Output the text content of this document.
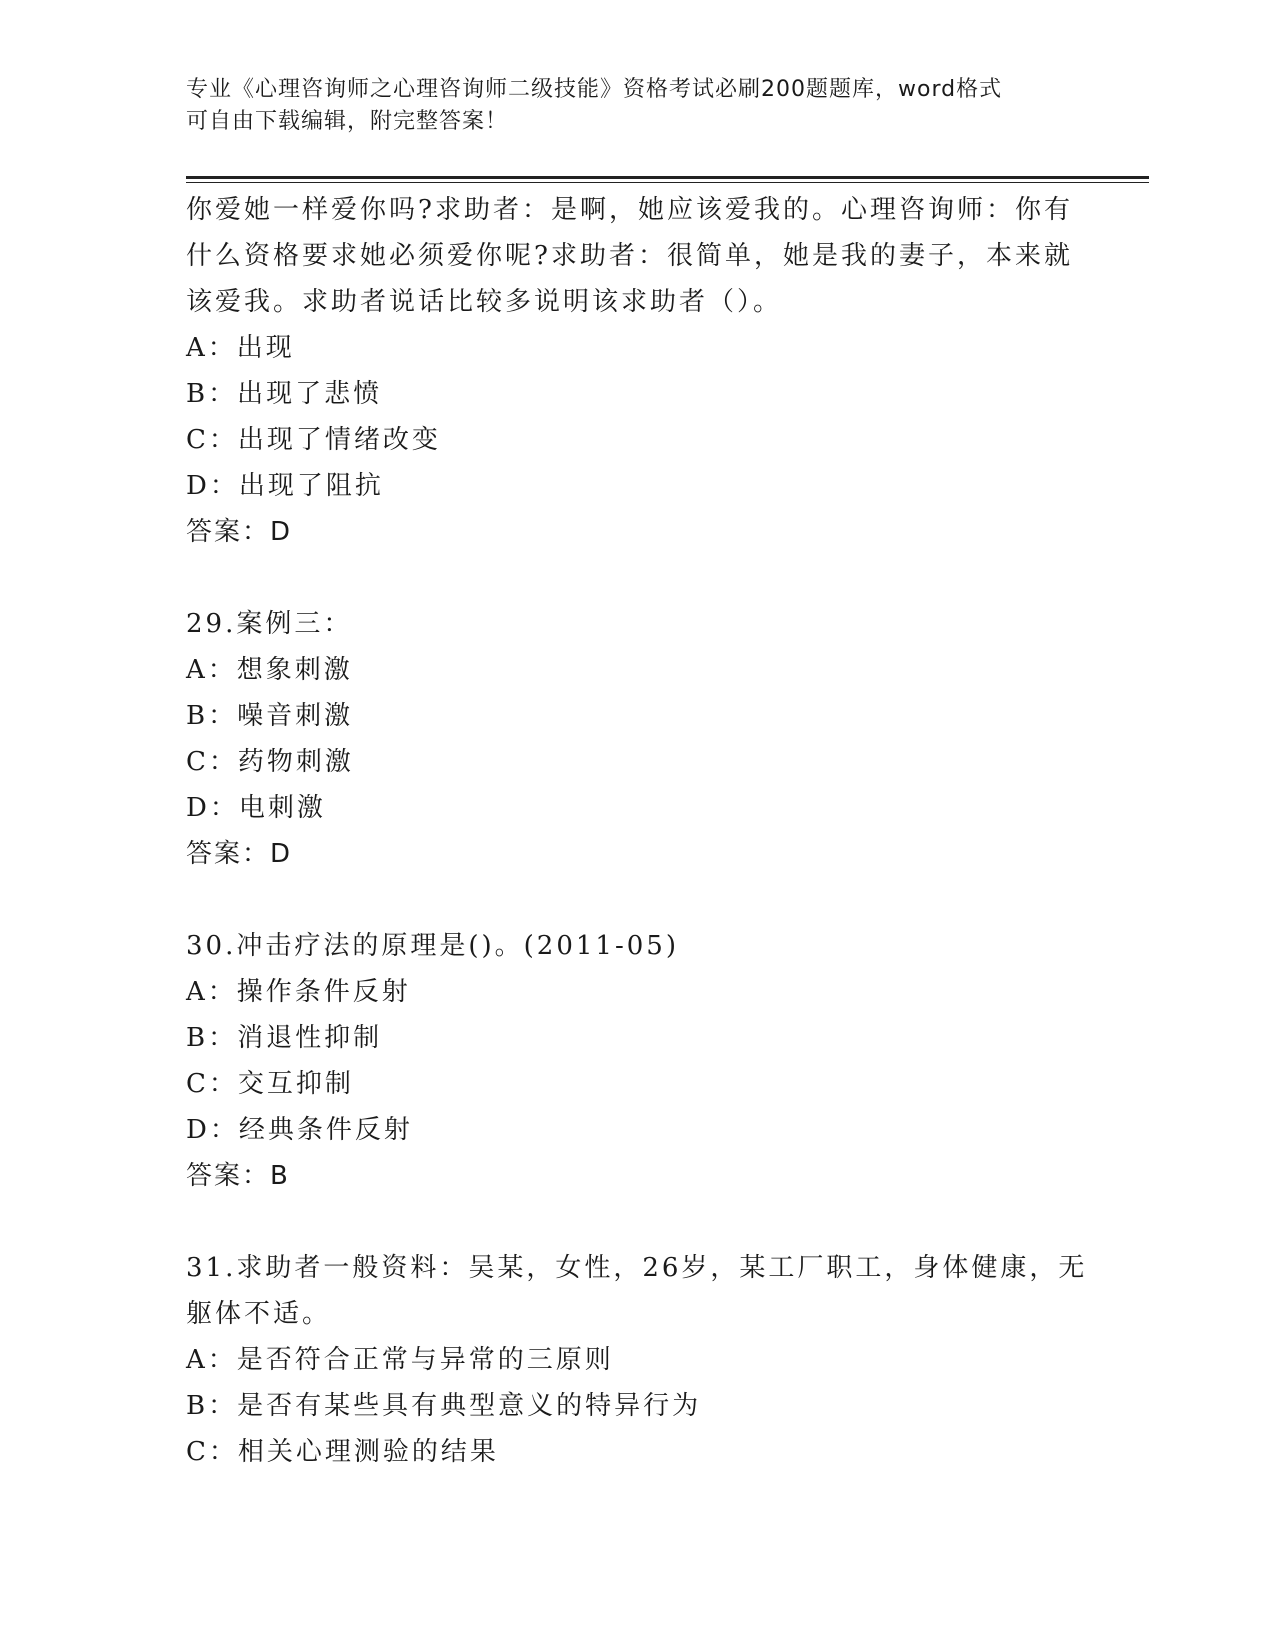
专业《心理咨询师之心理咨询师二级技能》资格考试必刷200题题库，word格式
可自由下载编辑，附完整答案！
你爱她一样爱你吗?求助者：是啊，她应该爱我的。心理咨询师：你有
什么资格要求她必须爱你呢?求助者：很简单，她是我的妻子，本来就
该爱我。求助者说话比较多说明该求助者（）。
A：出现
B：出现了悲愤
C：出现了情绪改变
D：出现了阻抗
答案：D
29.案例三：
A：想象刺激
B：噪音刺激
C：药物刺激
D：电刺激
答案：D
30.冲击疗法的原理是()。(2011-05)
A：操作条件反射
B：消退性抑制
C：交互抑制
D：经典条件反射
答案：B
31.求助者一般资料：吴某，女性，26岁，某工厂职工，身体健康，无
躯体不适。
A：是否符合正常与异常的三原则
B：是否有某些具有典型意义的特异行为
C：相关心理测验的结果
